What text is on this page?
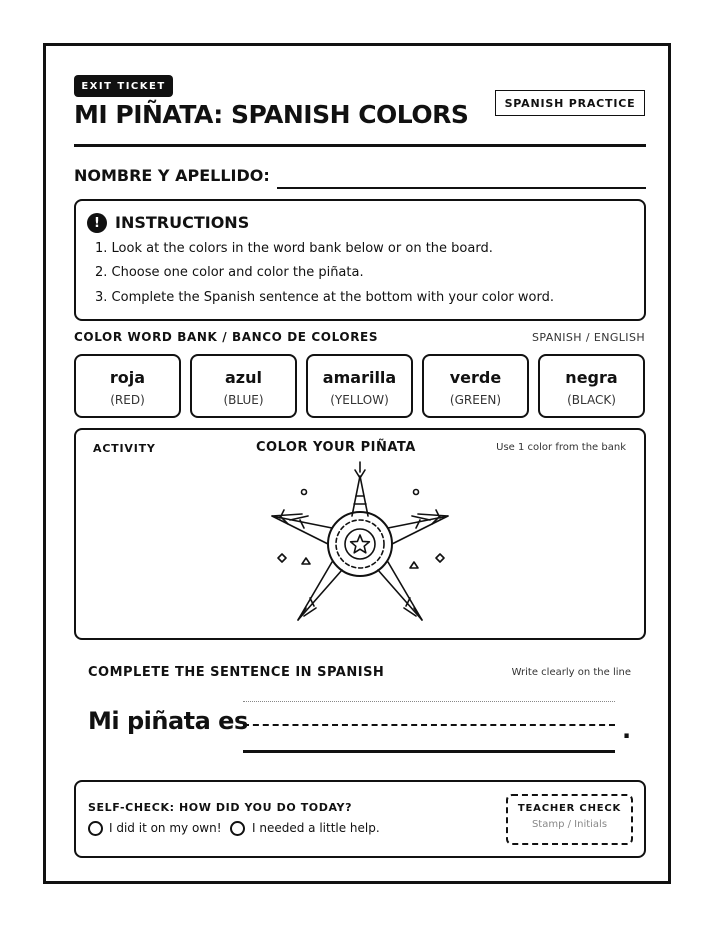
EXIT TICKET
MI PIÑATA: SPANISH COLORS	SPANISH PRACTICE
NOMBRE Y APELLIDO:
! INSTRUCTIONS
1. Look at the colors in the word bank below or on the board.
2. Choose one color and color the piñata.
3. Complete the Spanish sentence at the bottom with your color word.
COLOR WORD BANK / BANCO DE COLORES	SPANISH / ENGLISH
roja
(RED)
azul
(BLUE)
amarilla
(YELLOW)
verde
(GREEN)
negra
(BLACK)
ACTIVITY	COLOR YOUR PIÑATA	Use 1 color from the bank
COMPLETE THE SENTENCE IN SPANISH	Write clearly on the line
Mi piñata es	.
SELF-CHECK: HOW DID YOU DO TODAY?
I did it on my own!	I needed a little help.
TEACHER CHECK
Stamp / Initials
